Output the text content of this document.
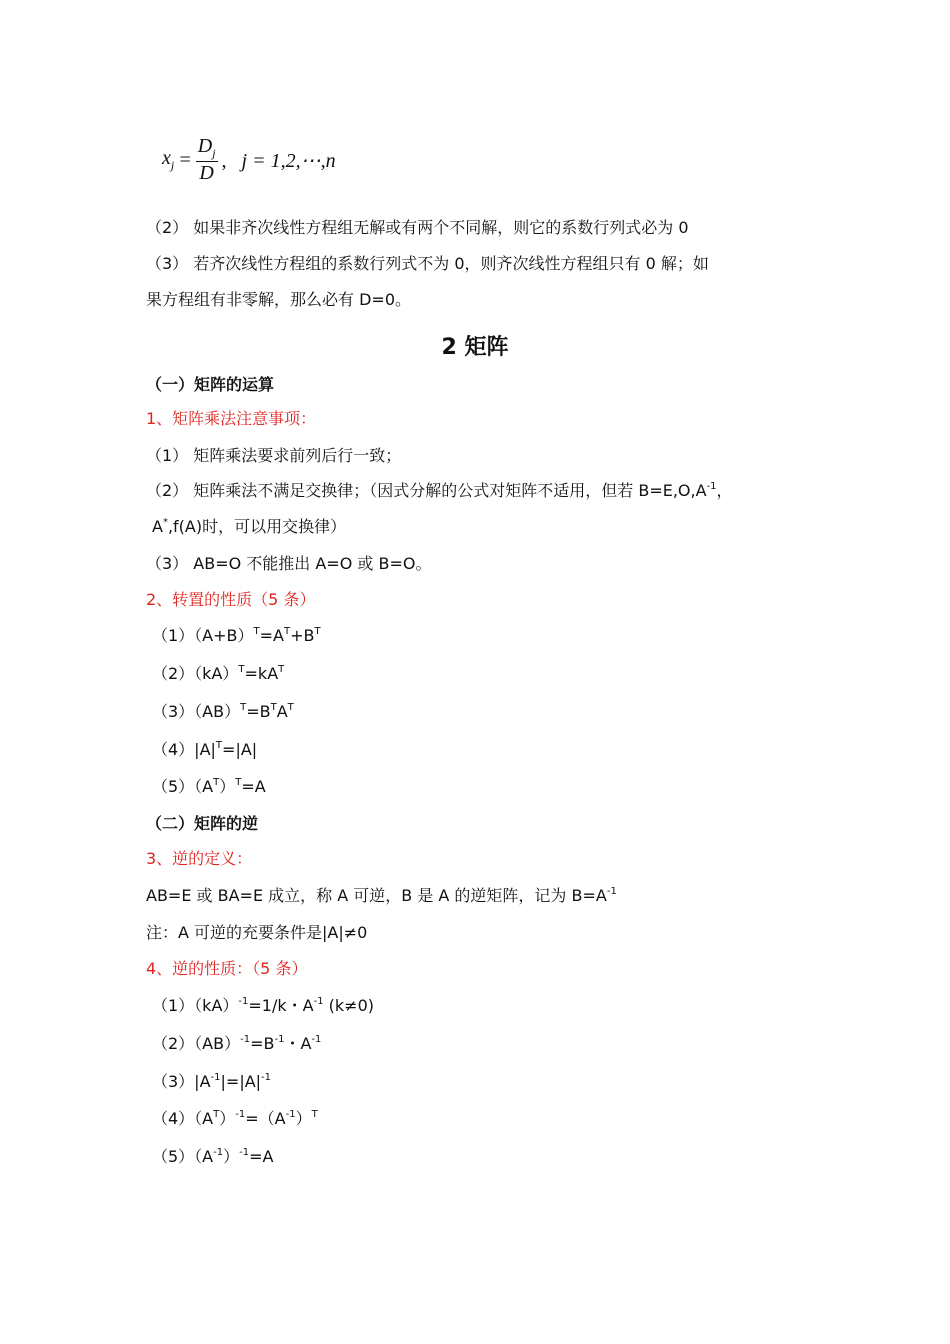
$x_j = \frac{D_j}{D}$ ,   j = 1,2,⋯,n
2 矩阵
（2） 如果非齐次线性方程组无解或有两个不同解，则它的系数行列式必为 0
（3） 若齐次线性方程组的系数行列式不为 0，则齐次线性方程组只有 0 解；如
果方程组有非零解，那么必有 D=0。
（一）矩阵的运算
1、矩阵乘法注意事项：
（1） 矩阵乘法要求前列后行一致；
（2） 矩阵乘法不满足交换律；（因式分解的公式对矩阵不适用，但若 $B=E,O,A^{-1}$，
A*,f(A)时，可以用交换律）
（3） AB=O 不能推出 A=O 或 B=O。
2、转置的性质（5 条）
$(1)(A+B)^T=A^T+B^T$
$(2)(kA)^T=kA^T$
$(3)(AB)^T=B^TA^T$
$(4)|A|^T=|A|$
$(5)(A^T)^T=A$
（二）矩阵的逆
3、逆的定义：
AB=E 或 BA=E 成立，称 A 可逆，B 是 A 的逆矩阵，记为 $B=A^{-1}$
注：A 可逆的充要条件是|A|≠0
4、逆的性质：（5 条）
（1）（kA）$^{-1}$=1/k・$A^{-1}$ (k≠0)
$(2)(AB)^{-1}=B^{-1}$・$A^{-1}$
$(3)|A^{-1}|=|A|^{-1}$
$(4)(A^T)^{-1}=(A^{-1})^T$
$(5)(A^{-1})^{-1}=A$
